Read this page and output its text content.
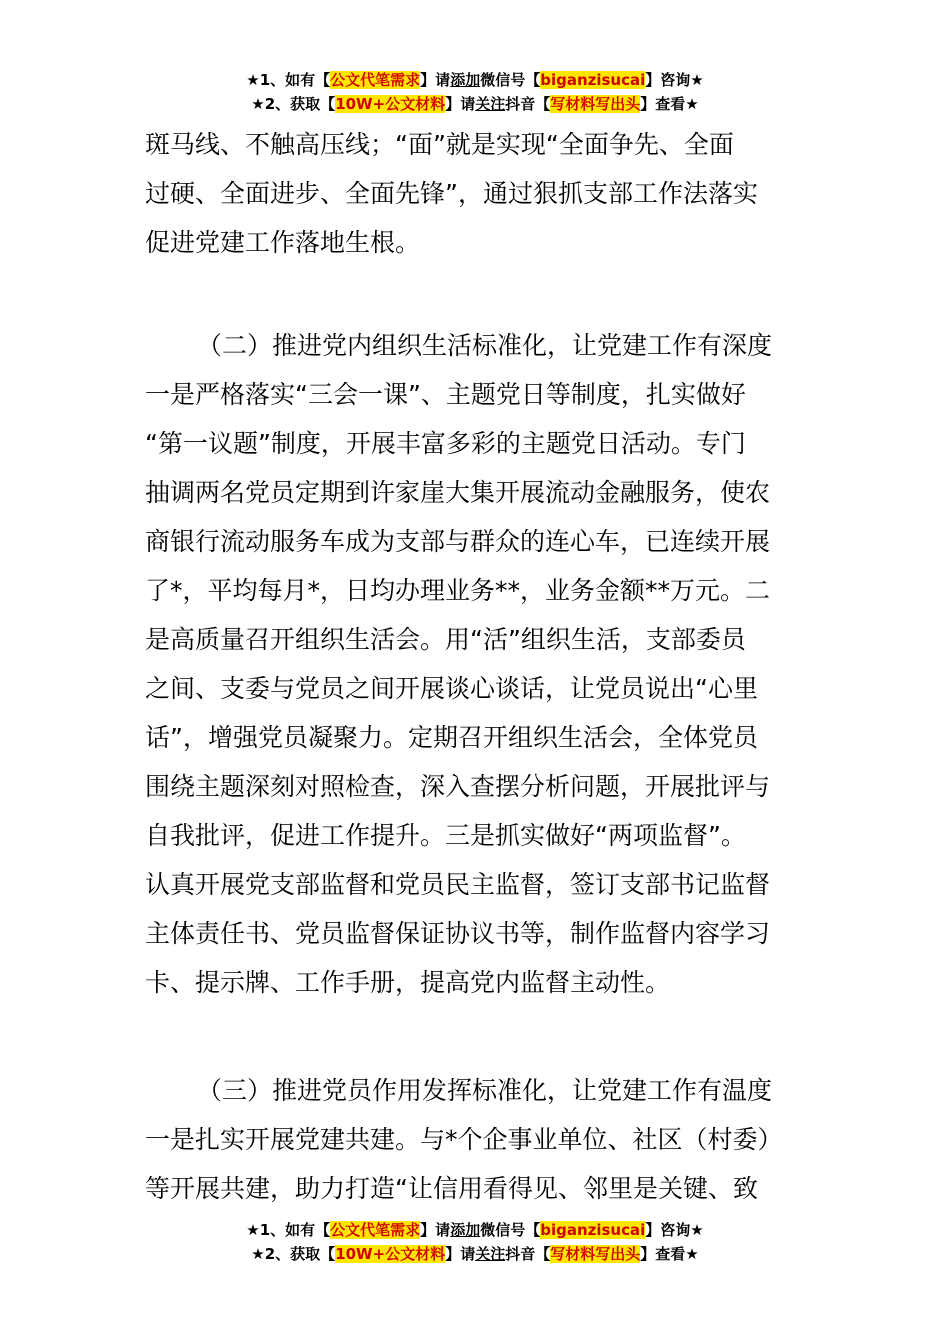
★1、如有【公文代笔需求】请添加微信号【biganzisucai】咨询★
★2、获取【10W+公文材料】请关注抖音【写材料写出头】查看★
斑马线、不触高压线；“面”就是实现“全面争先、全面
过硬、全面进步、全面先锋”，通过狠抓支部工作法落实
促进党建工作落地生根。
（二）推进党内组织生活标准化，让党建工作有深度
一是严格落实“三会一课”、主题党日等制度，扎实做好
“第一议题”制度，开展丰富多彩的主题党日活动。专门
抽调两名党员定期到许家崖大集开展流动金融服务，使农
商银行流动服务车成为支部与群众的连心车，已连续开展
了*，平均每月*，日均办理业务**，业务金额**万元。二
是高质量召开组织生活会。用“活”组织生活，支部委员
之间、支委与党员之间开展谈心谈话，让党员说出“心里
话”，增强党员凝聚力。定期召开组织生活会，全体党员
围绕主题深刻对照检查，深入查摆分析问题，开展批评与
自我批评，促进工作提升。三是抓实做好“两项监督”。
认真开展党支部监督和党员民主监督，签订支部书记监督
主体责任书、党员监督保证协议书等，制作监督内容学习
卡、提示牌、工作手册，提高党内监督主动性。
（三）推进党员作用发挥标准化，让党建工作有温度
一是扎实开展党建共建。与*个企事业单位、社区（村委）
等开展共建，助力打造“让信用看得见、邻里是关键、致
★1、如有【公文代笔需求】请添加微信号【biganzisucai】咨询★
★2、获取【10W+公文材料】请关注抖音【写材料写出头】查看★
